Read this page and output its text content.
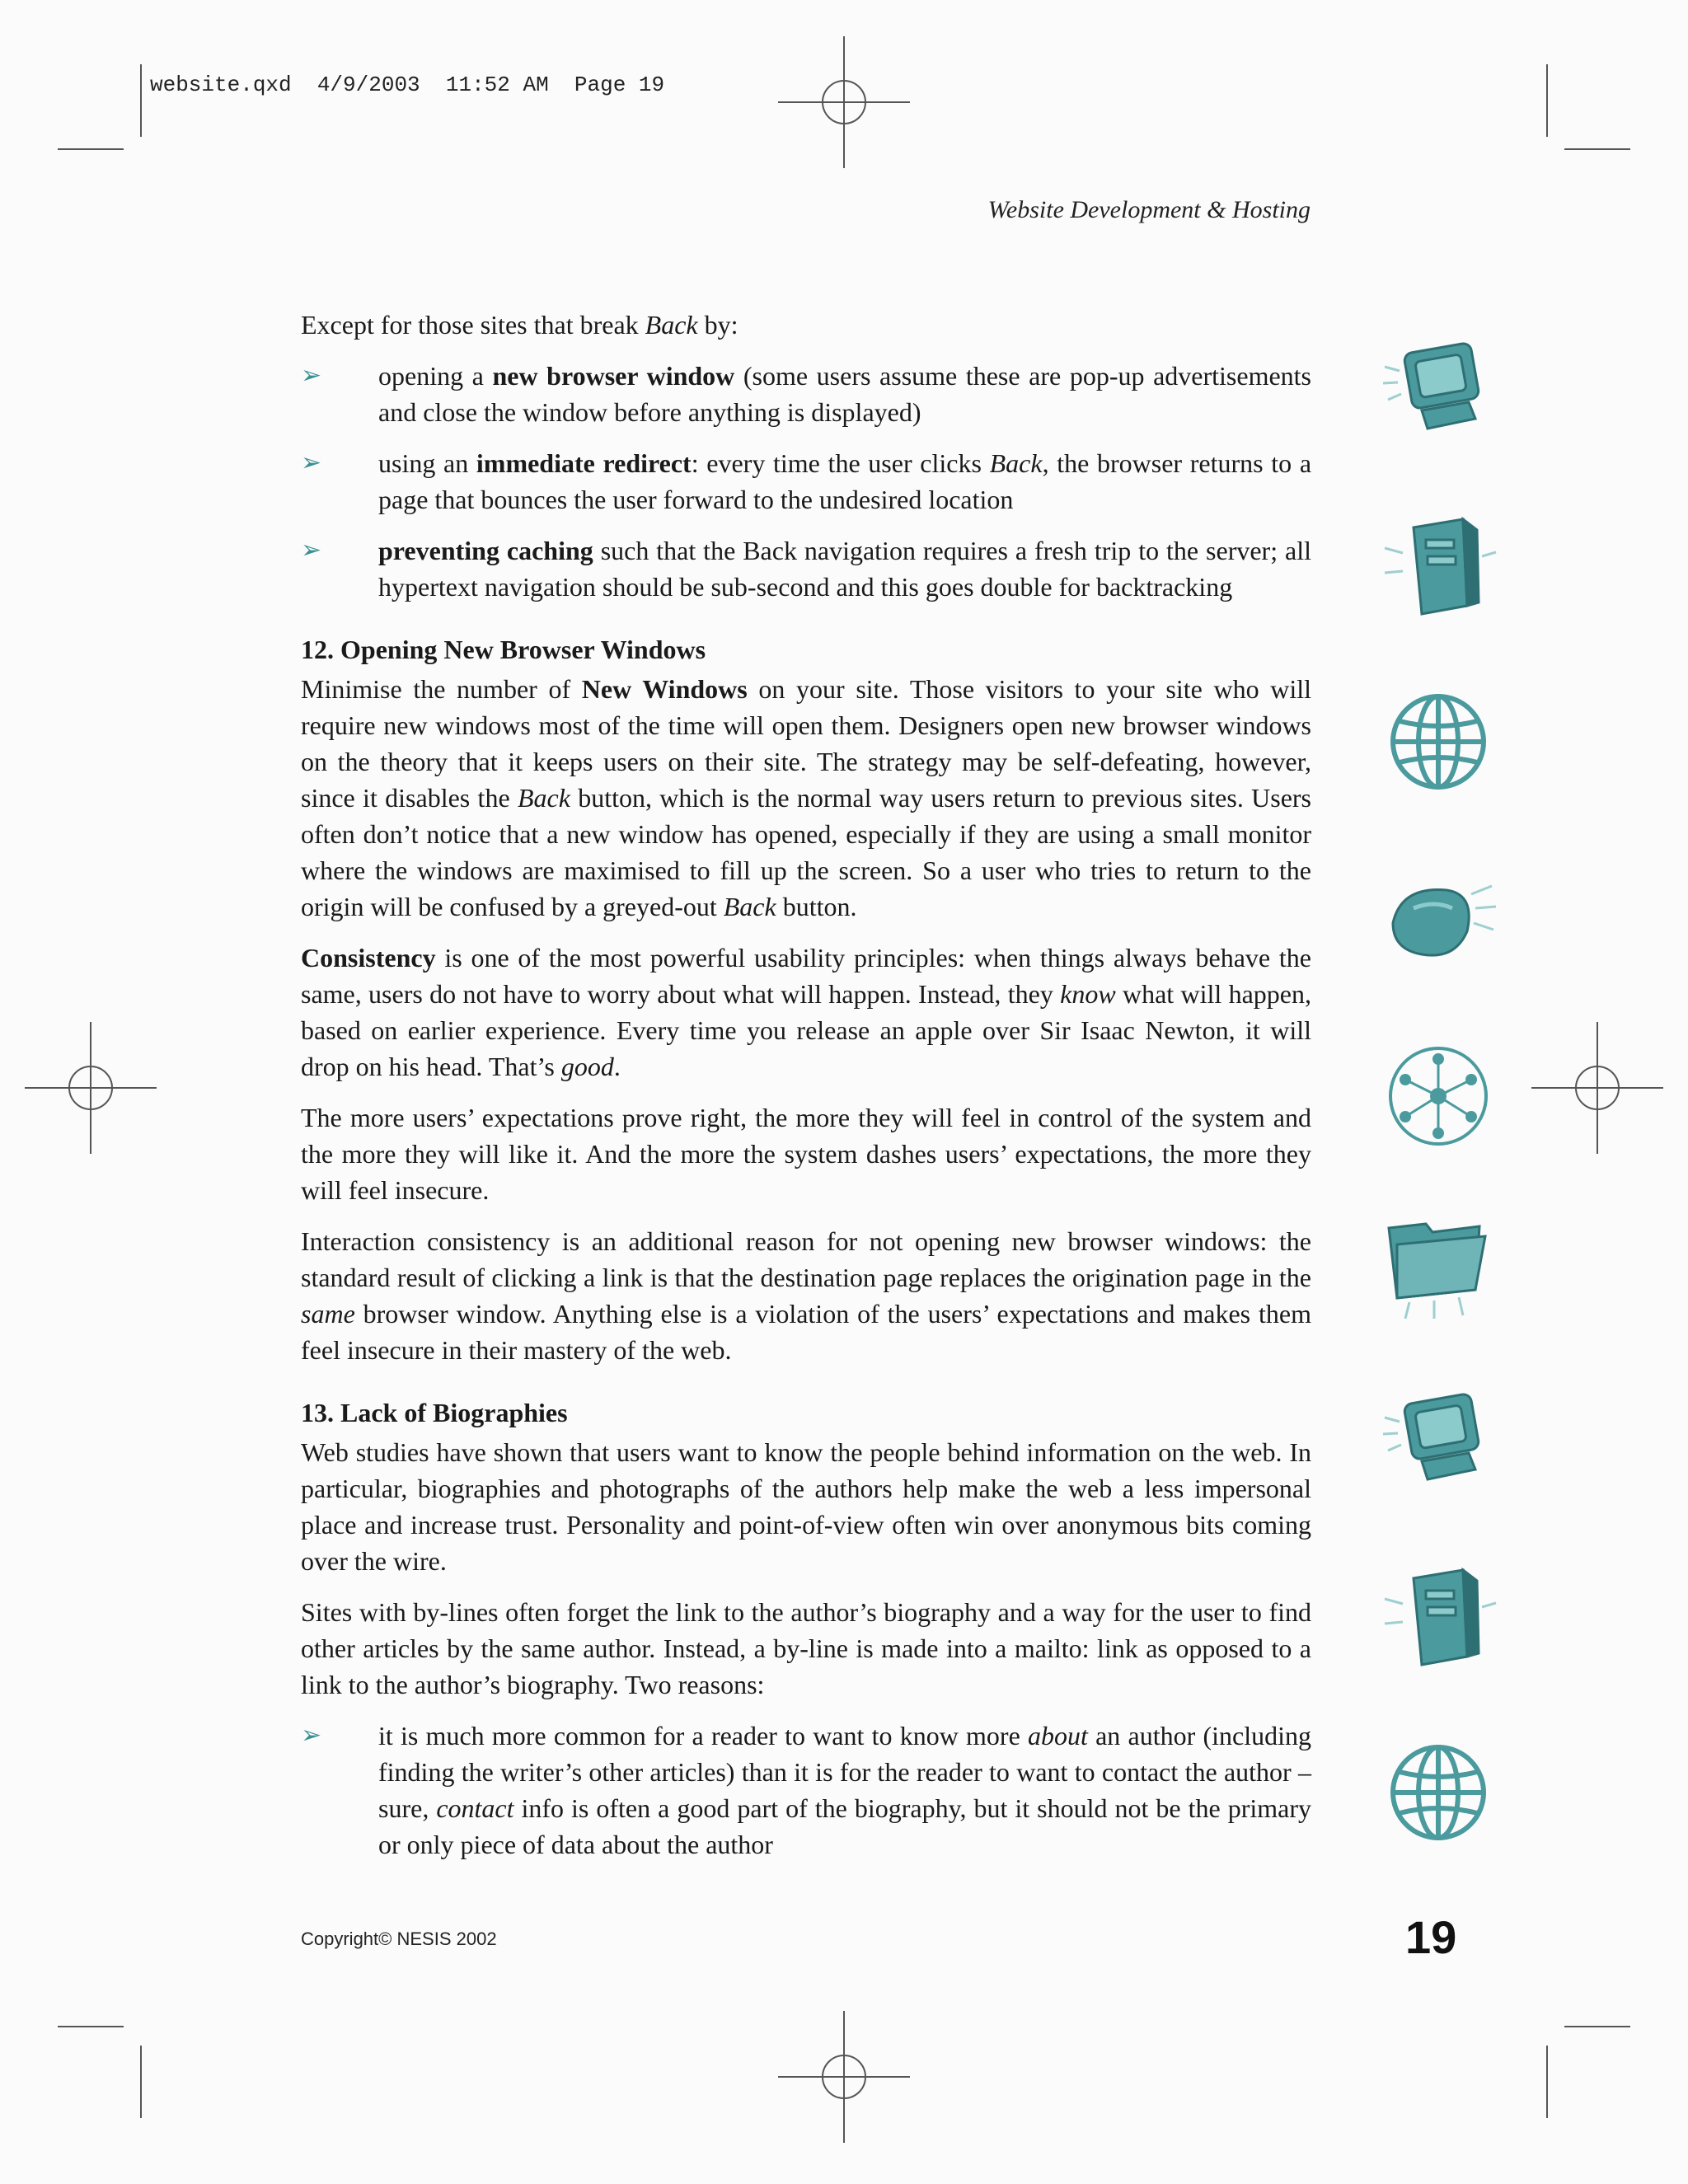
website.qxd  4/9/2003  11:52 AM  Page 19
Website Development & Hosting

Except for those sites that break Back by:

➢ opening a new browser window (some users assume these are pop-up advertisements and close the window before anything is displayed)
➢ using an immediate redirect: every time the user clicks Back, the browser returns to a page that bounces the user forward to the undesired location
➢ preventing caching such that the Back navigation requires a fresh trip to the server; all hypertext navigation should be sub-second and this goes double for backtracking
12. Opening New Browser Windows

Minimise the number of New Windows on your site. Those visitors to your site who will require new windows most of the time will open them. Designers open new browser windows on the theory that it keeps users on their site. The strategy may be self-defeating, however, since it disables the Back button, which is the normal way users return to previous sites. Users often don’t notice that a new window has opened, especially if they are using a small monitor where the windows are maximised to fill up the screen. So a user who tries to return to the origin will be confused by a greyed-out Back button.

Consistency is one of the most powerful usability principles: when things always behave the same, users do not have to worry about what will happen. Instead, they know what will happen, based on earlier experience. Every time you release an apple over Sir Isaac Newton, it will drop on his head. That’s good.

The more users’ expectations prove right, the more they will feel in control of the system and the more they will like it. And the more the system dashes users’ expectations, the more they will feel insecure.

Interaction consistency is an additional reason for not opening new browser windows: the standard result of clicking a link is that the destination page replaces the origination page in the same browser window. Anything else is a violation of the users’ expectations and makes them feel insecure in their mastery of the web.

13. Lack of Biographies

Web studies have shown that users want to know the people behind information on the web. In particular, biographies and photographs of the authors help make the web a less impersonal place and increase trust. Personality and point-of-view often win over anonymous bits coming over the wire.

Sites with by-lines often forget the link to the author’s biography and a way for the user to find other articles by the same author. Instead, a by-line is made into a mailto: link as opposed to a link to the author’s biography. Two reasons:

➢ it is much more common for a reader to want to know more about an author (including finding the writer’s other articles) than it is for the reader to want to contact the author – sure, contact info is often a good part of the biography, but it should not be the primary or only piece of data about the author
Copyright© NESIS 2002	19
